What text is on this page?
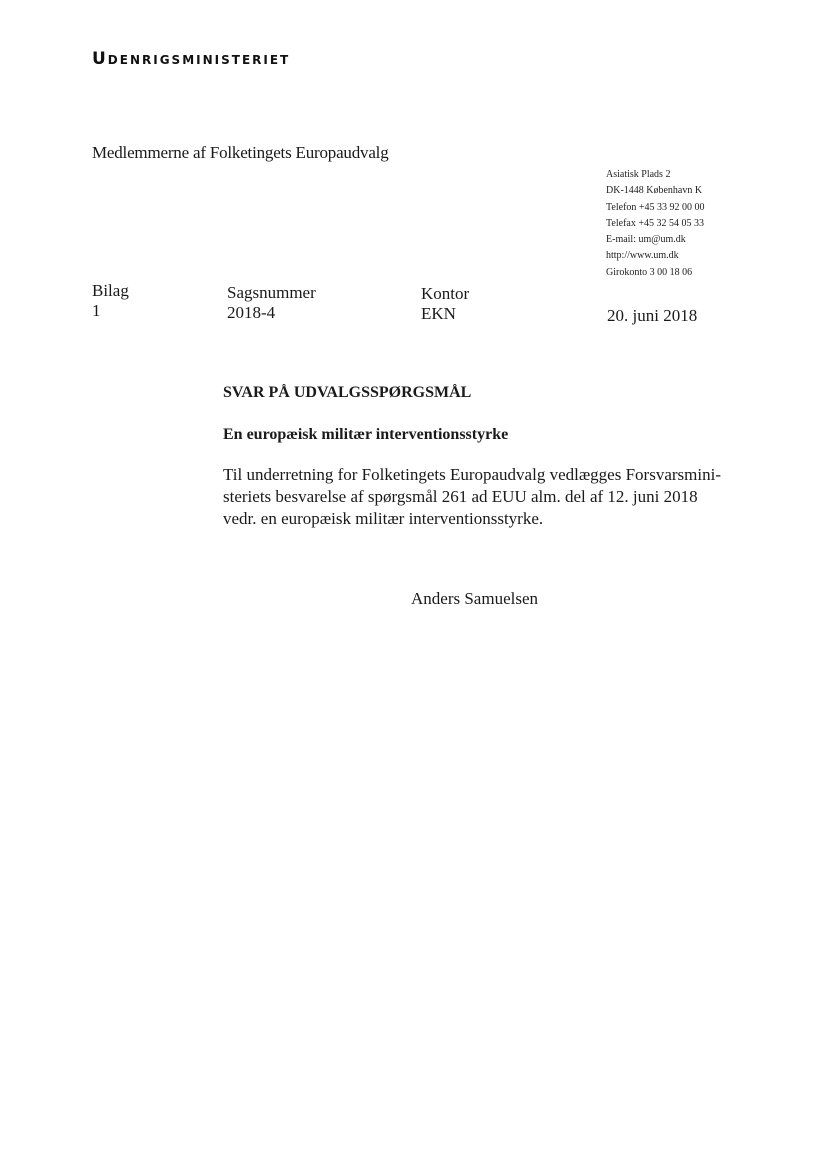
Udenrigsministeriet
Medlemmerne af Folketingets Europaudvalg
Asiatisk Plads 2
DK-1448 København K
Telefon +45 33 92 00 00
Telefax +45 32 54 05 33
E-mail: um@um.dk
http://www.um.dk
Girokonto 3 00 18 06
Bilag
1
Sagsnummer
2018-4
Kontor
EKN	20. juni 2018
SVAR PÅ UDVALGSSPØRGSMÅL
En europæisk militær interventionsstyrke
Til underretning for Folketingets Europaudvalg vedlægges Forsvarsmini-
steriets besvarelse af spørgsmål 261 ad EUU alm. del af 12. juni 2018
vedr. en europæisk militær interventionsstyrke.
Anders Samuelsen
